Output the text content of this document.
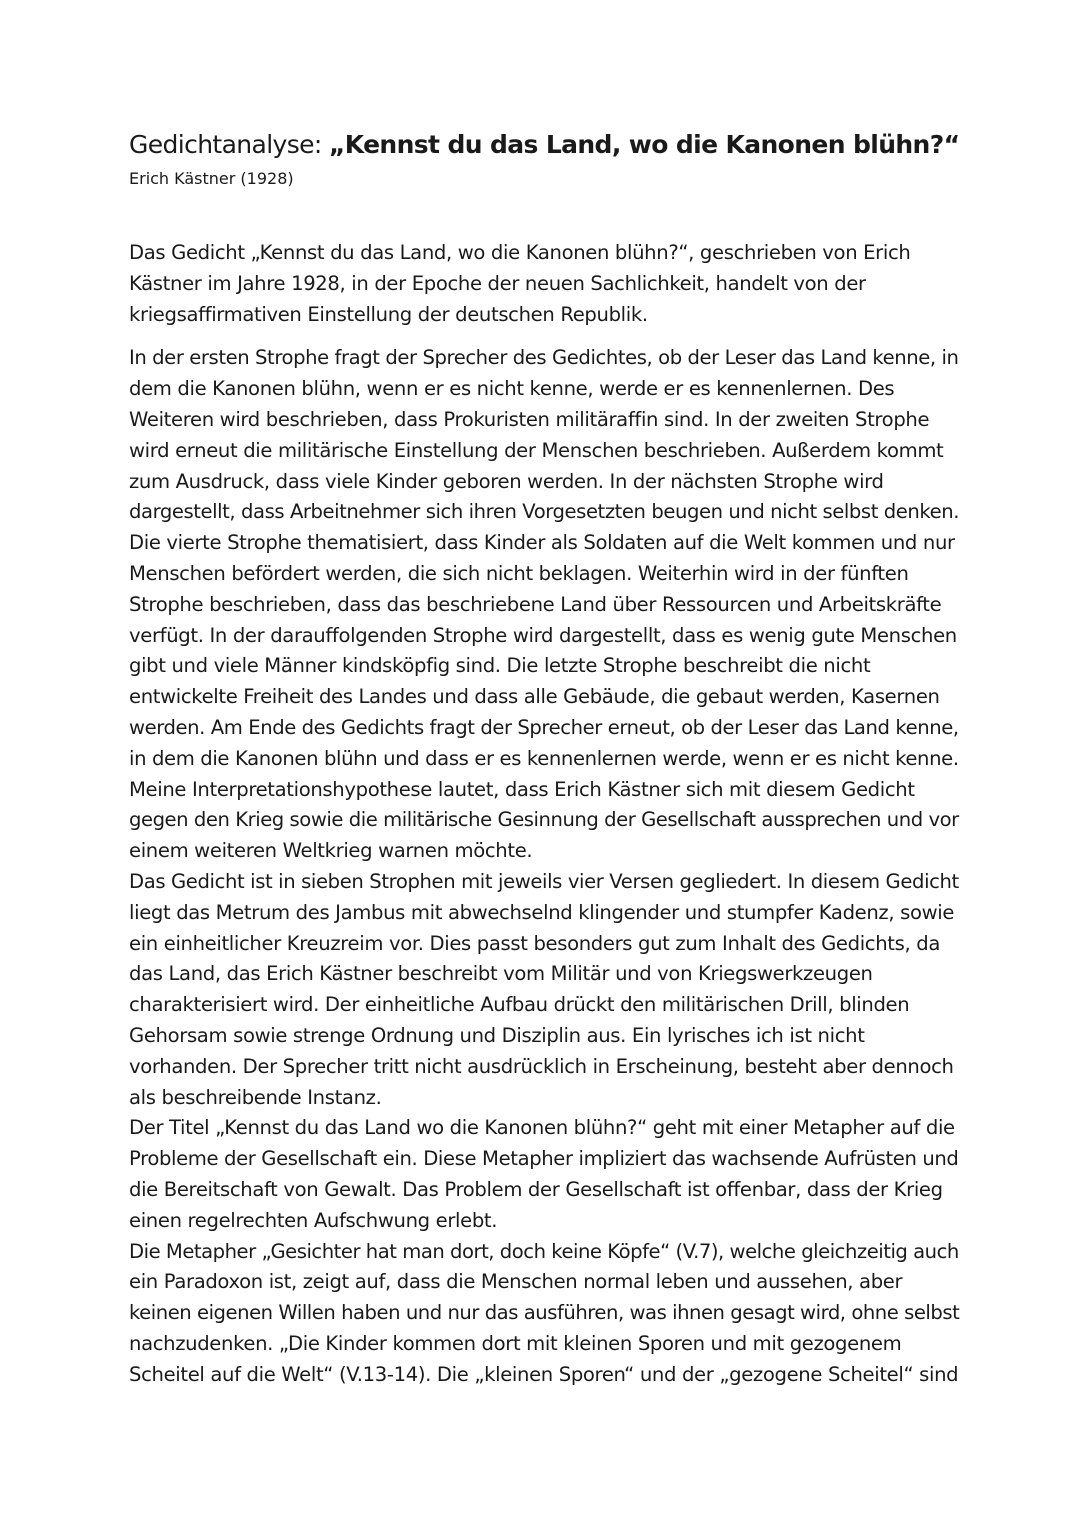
Gedichtanalyse: „Kennst du das Land, wo die Kanonen blühn?“
Erich Kästner (1928)

Das Gedicht „Kennst du das Land, wo die Kanonen blühn?“, geschrieben von Erich
Kästner im Jahre 1928, in der Epoche der neuen Sachlichkeit, handelt von der
kriegsaffirmativen Einstellung der deutschen Republik.

In der ersten Strophe fragt der Sprecher des Gedichtes, ob der Leser das Land kenne, in
dem die Kanonen blühn, wenn er es nicht kenne, werde er es kennenlernen. Des
Weiteren wird beschrieben, dass Prokuristen militäraffin sind. In der zweiten Strophe
wird erneut die militärische Einstellung der Menschen beschrieben. Außerdem kommt
zum Ausdruck, dass viele Kinder geboren werden. In der nächsten Strophe wird
dargestellt, dass Arbeitnehmer sich ihren Vorgesetzten beugen und nicht selbst denken.
Die vierte Strophe thematisiert, dass Kinder als Soldaten auf die Welt kommen und nur
Menschen befördert werden, die sich nicht beklagen. Weiterhin wird in der fünften
Strophe beschrieben, dass das beschriebene Land über Ressourcen und Arbeitskräfte
verfügt. In der darauffolgenden Strophe wird dargestellt, dass es wenig gute Menschen
gibt und viele Männer kindsköpfig sind. Die letzte Strophe beschreibt die nicht
entwickelte Freiheit des Landes und dass alle Gebäude, die gebaut werden, Kasernen
werden. Am Ende des Gedichts fragt der Sprecher erneut, ob der Leser das Land kenne,
in dem die Kanonen blühn und dass er es kennenlernen werde, wenn er es nicht kenne.

Meine Interpretationshypothese lautet, dass Erich Kästner sich mit diesem Gedicht
gegen den Krieg sowie die militärische Gesinnung der Gesellschaft aussprechen und vor
einem weiteren Weltkrieg warnen möchte.

Das Gedicht ist in sieben Strophen mit jeweils vier Versen gegliedert. In diesem Gedicht
liegt das Metrum des Jambus mit abwechselnd klingender und stumpfer Kadenz, sowie
ein einheitlicher Kreuzreim vor. Dies passt besonders gut zum Inhalt des Gedichts, da
das Land, das Erich Kästner beschreibt vom Militär und von Kriegswerkzeugen
charakterisiert wird. Der einheitliche Aufbau drückt den militärischen Drill, blinden
Gehorsam sowie strenge Ordnung und Disziplin aus. Ein lyrisches ich ist nicht
vorhanden. Der Sprecher tritt nicht ausdrücklich in Erscheinung, besteht aber dennoch
als beschreibende Instanz.

Der Titel „Kennst du das Land wo die Kanonen blühn?“ geht mit einer Metapher auf die
Probleme der Gesellschaft ein. Diese Metapher impliziert das wachsende Aufrüsten und
die Bereitschaft von Gewalt. Das Problem der Gesellschaft ist offenbar, dass der Krieg
einen regelrechten Aufschwung erlebt.

Die Metapher „Gesichter hat man dort, doch keine Köpfe“ (V.7), welche gleichzeitig auch
ein Paradoxon ist, zeigt auf, dass die Menschen normal leben und aussehen, aber
keinen eigenen Willen haben und nur das ausführen, was ihnen gesagt wird, ohne selbst
nachzudenken. „Die Kinder kommen dort mit kleinen Sporen und mit gezogenem
Scheitel auf die Welt“ (V.13-14). Die „kleinen Sporen“ und der „gezogene Scheitel“ sind
